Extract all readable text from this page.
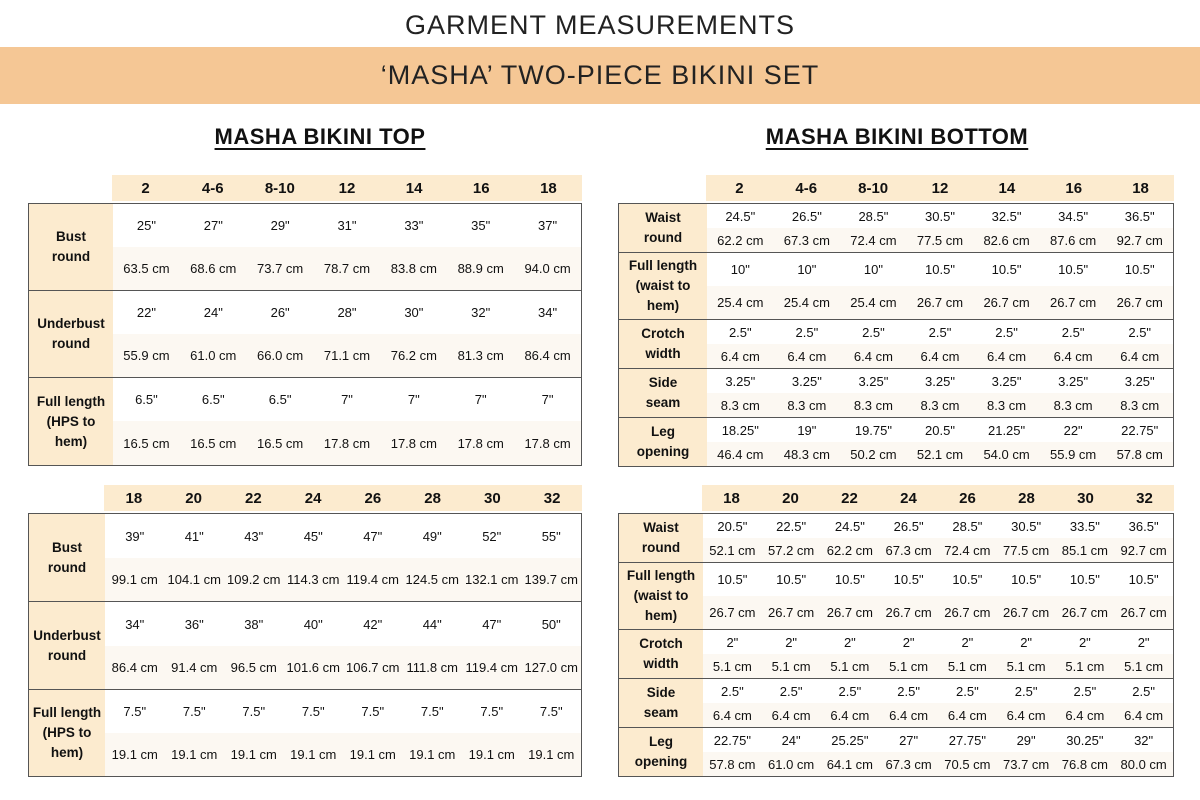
GARMENT MEASUREMENTS
‘MASHA’ TWO-PIECE BIKINI SET
MASHA BIKINI TOP	MASHA BIKINI BOTTOM
2	4-6	8-10	12	14	16	18
Bust
round
25"	27"	29"	31"	33"	35"	37"
63.5 cm	68.6 cm	73.7 cm	78.7 cm	83.8 cm	88.9 cm	94.0 cm
Underbust
round
22"	24"	26"	28"	30"	32"	34"
55.9 cm	61.0 cm	66.0 cm	71.1 cm	76.2 cm	81.3 cm	86.4 cm
Full length
(HPS to hem)
6.5"	6.5"	6.5"	7"	7"	7"	7"
16.5 cm	16.5 cm	16.5 cm	17.8 cm	17.8 cm	17.8 cm	17.8 cm
18	20	22	24	26	28	30	32
Bust
round
39"	41"	43"	45"	47"	49"	52"	55"
99.1 cm 104.1 cm 109.2 cm 114.3 cm 119.4 cm 124.5 cm 132.1 cm 139.7 cm
Underbust
round
34"	36"	38"	40"	42"	44"	47"	50"
86.4 cm	91.4 cm	96.5 cm 101.6 cm 106.7 cm 111.8 cm 119.4 cm 127.0 cm
Full length
(HPS to
hem)
7.5"	7.5"	7.5"	7.5"	7.5"	7.5"	7.5"	7.5"
19.1 cm	19.1 cm	19.1 cm	19.1 cm	19.1 cm	19.1 cm	19.1 cm	19.1 cm
2	4-6	8-10	12	14	16	18
Waist
round
24.5"	26.5"	28.5"	30.5"	32.5"	34.5"	36.5"
62.2 cm	67.3 cm	72.4 cm	77.5 cm	82.6 cm	87.6 cm	92.7 cm
Full length
(waist to
hem)
10"	10"	10"	10.5"	10.5"	10.5"	10.5"
25.4 cm	25.4 cm	25.4 cm	26.7 cm	26.7 cm	26.7 cm	26.7 cm
Crotch
width
2.5"	2.5"	2.5"	2.5"	2.5"	2.5"	2.5"
6.4 cm	6.4 cm	6.4 cm	6.4 cm	6.4 cm	6.4 cm	6.4 cm
Side
seam
3.25"	3.25"	3.25"	3.25"	3.25"	3.25"	3.25"
8.3 cm	8.3 cm	8.3 cm	8.3 cm	8.3 cm	8.3 cm	8.3 cm
Leg
opening
18.25"	19"	19.75"	20.5"	21.25"	22"	22.75"
46.4 cm	48.3 cm	50.2 cm	52.1 cm	54.0 cm	55.9 cm	57.8 cm
18	20	22	24	26	28	30	32
Waist
round
20.5"	22.5"	24.5"	26.5"	28.5"	30.5"	33.5"	36.5"
52.1 cm 57.2 cm 62.2 cm 67.3 cm 72.4 cm 77.5 cm 85.1 cm 92.7 cm
Full length
(waist to
hem)
10.5"	10.5"	10.5"	10.5"	10.5"	10.5"	10.5"	10.5"
26.7 cm 26.7 cm 26.7 cm 26.7 cm 26.7 cm 26.7 cm 26.7 cm 26.7 cm
Crotch
width
2"	2"	2"	2"	2"	2"	2"	2"
5.1 cm	5.1 cm	5.1 cm	5.1 cm	5.1 cm	5.1 cm	5.1 cm	5.1 cm
Side
seam
2.5"	2.5"	2.5"	2.5"	2.5"	2.5"	2.5"	2.5"
6.4 cm	6.4 cm	6.4 cm	6.4 cm	6.4 cm	6.4 cm	6.4 cm	6.4 cm
Leg
opening
22.75"	24"	25.25"	27"	27.75"	29"	30.25"	32"
57.8 cm 61.0 cm 64.1 cm 67.3 cm 70.5 cm 73.7 cm 76.8 cm 80.0 cm
